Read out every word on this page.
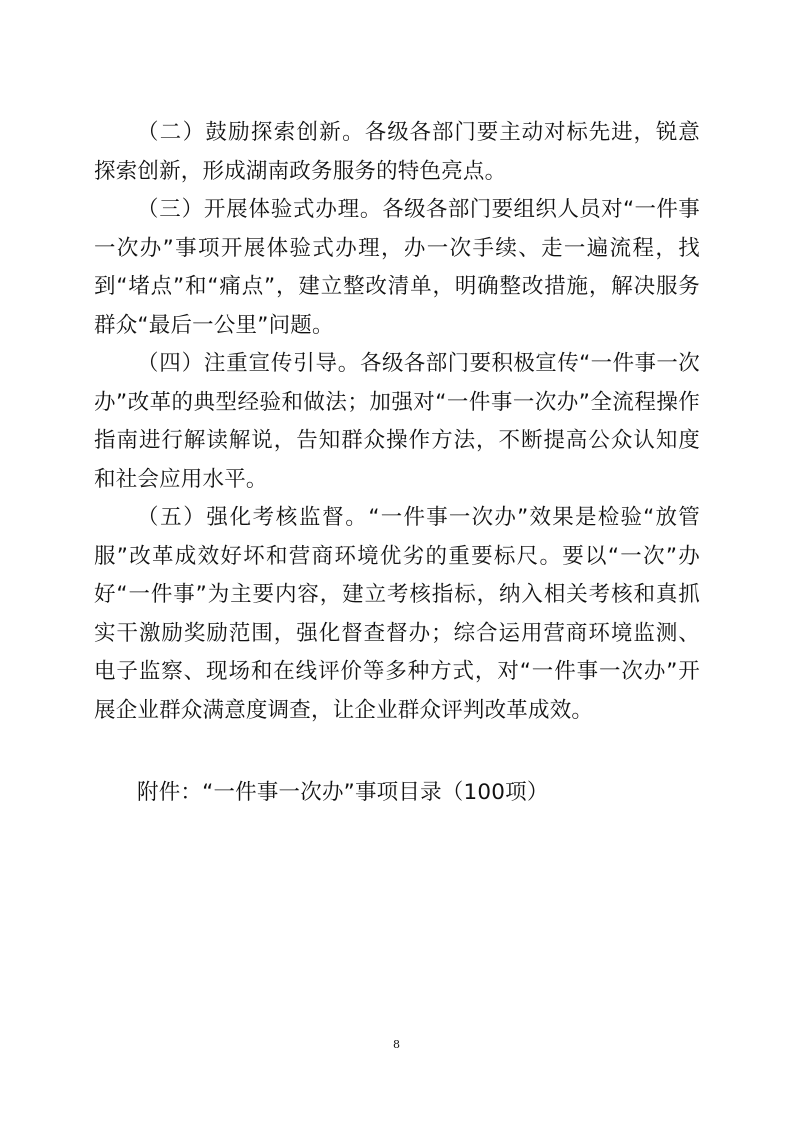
（二）鼓励探索创新。各级各部门要主动对标先进，锐意探索创新，形成湖南政务服务的特色亮点。

（三）开展体验式办理。各级各部门要组织人员对“一件事一次办”事项开展体验式办理，办一次手续、走一遍流程，找到“堵点”和“痛点”，建立整改清单，明确整改措施，解决服务群众“最后一公里”问题。

（四）注重宣传引导。各级各部门要积极宣传“一件事一次办”改革的典型经验和做法；加强对“一件事一次办”全流程操作指南进行解读解说，告知群众操作方法，不断提高公众认知度和社会应用水平。

（五）强化考核监督。“一件事一次办”效果是检验“放管服”改革成效好坏和营商环境优劣的重要标尺。要以“一次”办好“一件事”为主要内容，建立考核指标，纳入相关考核和真抓实干激励奖励范围，强化督查督办；综合运用营商环境监测、电子监察、现场和在线评价等多种方式，对“一件事一次办”开展企业群众满意度调查，让企业群众评判改革成效。

附件：“一件事一次办”事项目录（100项）
8
